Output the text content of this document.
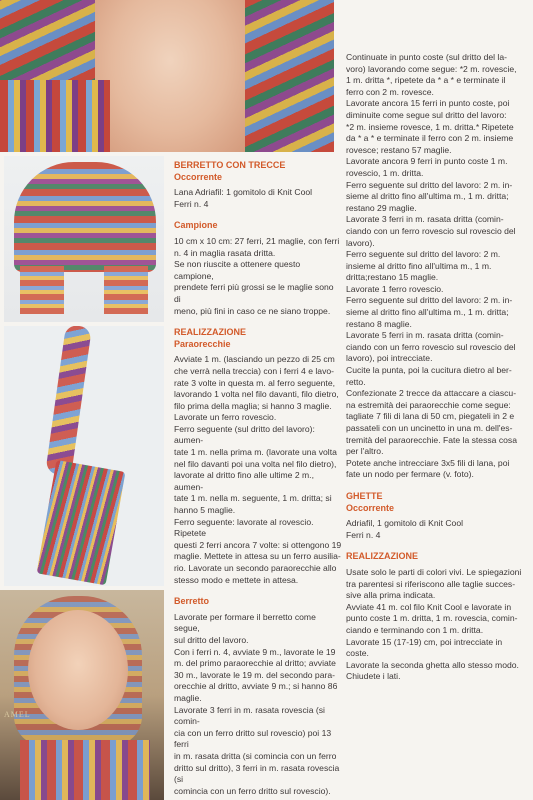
AMEL

BERRETTO CON TRECCE

Occorrente

Lana Adriafil: 1 gomitolo di Knit Cool

Ferri n. 4

Campione

10 cm x 10 cm: 27 ferri, 21 maglie, con ferri

n. 4 in maglia rasata dritta.

Se non riuscite a ottenere questo campione,

prendete ferri più grossi se le maglie sono di

meno, più fini in caso ce ne siano troppe.

REALIZZAZIONE

Paraorecchie

Avviate 1 m. (lasciando un pezzo di 25 cm

che verrà nella treccia) con i ferri 4 e lavo-

rate 3 volte in questa m. al ferro seguente,

lavorando 1 volta nel filo davanti, filo dietro,

filo prima della maglia; si hanno 3 maglie.

Lavorate un ferro rovescio.

Ferro seguente (sul dritto del lavoro): aumen-

tate 1 m. nella prima m. (lavorate una volta

nel filo davanti poi una volta nel filo dietro),

lavorate al dritto fino alle ultime 2 m., aumen-

tate 1 m. nella m. seguente, 1 m. dritta; si

hanno 5 maglie.

Ferro seguente: lavorate al rovescio. Ripetete

questi 2 ferri ancora 7 volte: si ottengono 19

maglie. Mettete in attesa su un ferro ausilia-

rio. Lavorate un secondo paraorecchie allo

stesso modo e mettete in attesa.

Berretto

Lavorate per formare il berretto come segue,

sul dritto del lavoro.

Con i ferri n. 4, avviate 9 m., lavorate le 19

m. del primo paraorecchie al dritto; avviate

30 m., lavorate le 19 m. del secondo para-

orecchie al dritto, avviate 9 m.; si hanno 86

maglie.

Lavorate 3 ferri in m. rasata rovescia (si comin-

cia con un ferro dritto sul rovescio) poi 13 ferri

in m. rasata dritta (si comincia con un ferro

dritto sul dritto), 3 ferri in m. rasata rovescia (si

comincia con un ferro dritto sul rovescio).

Continuate in punto coste (sul dritto del la-

voro) lavorando come segue: *2 m. rovescie,

1 m. dritta *, ripetete da * a * e terminate il

ferro con 2 m. rovesce.

Lavorate ancora 15 ferri in punto coste, poi

diminuite come segue sul dritto del lavoro:

*2 m. insieme rovesce, 1 m. dritta.* Ripetete

da * a * e terminate il ferro con 2 m. insieme

rovesce; restano 57 maglie.

Lavorate ancora 9 ferri in punto coste 1 m.

rovescio, 1 m. dritta.

Ferro seguente sul dritto del lavoro: 2 m. in-

sieme al dritto fino all'ultima m., 1 m. dritta;

restano 29 maglie.

Lavorate 3 ferri in m. rasata dritta (comin-

ciando con un ferro rovescio sul rovescio del

lavoro).

Ferro seguente sul dritto del lavoro: 2 m.

insieme al dritto fino all'ultima m., 1 m.

dritta;restano 15 maglie.

Lavorate 1 ferro rovescio.

Ferro seguente sul dritto del lavoro: 2 m. in-

sieme al dritto fino all'ultima m., 1 m. dritta;

restano 8 maglie.

Lavorate 5 ferri in m. rasata dritta (comin-

ciando con un ferro rovescio sul rovescio del

lavoro), poi intrecciate.

Cucite la punta, poi la cucitura dietro al ber-

retto.

Confezionate 2 trecce da attaccare a ciascu-

na estremità dei paraorecchie come segue:

tagliate 7 fili di lana di 50 cm, piegateli in 2 e

passateli con un uncinetto in una m. dell'es-

tremità del paraorecchie. Fate la stessa cosa

per l'altro.

Potete anche intrecciare 3x5 fili di lana, poi

fate un nodo per fermare (v. foto).

GHETTE

Occorrente

Adriafil, 1 gomitolo di Knit Cool

Ferri n. 4

REALIZZAZIONE

Usate solo le parti di colori vivi. Le spiegazioni

tra parentesi si riferiscono alle taglie succes-

sive alla prima indicata.

Avviate 41 m. col filo Knit Cool e lavorate in

punto coste 1 m. dritta, 1 m. rovescia, comin-

ciando e terminando con 1 m. dritta.

Lavorate 15 (17-19) cm, poi intrecciate in

coste.

Lavorate la seconda ghetta allo stesso modo.

Chiudete i lati.
